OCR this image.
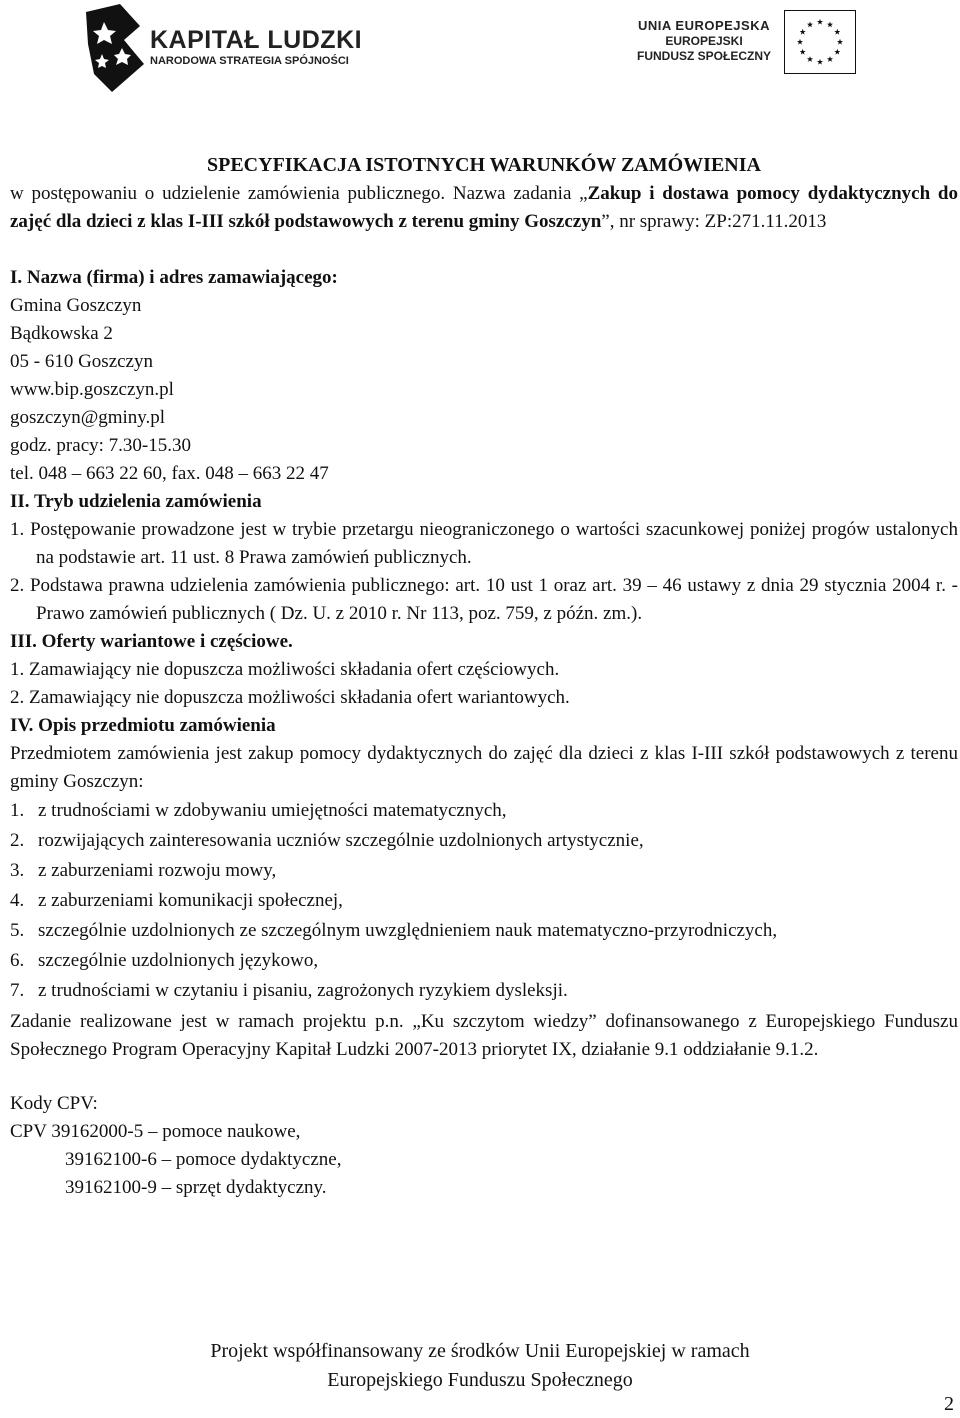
KAPITAŁ LUDZKI
NARODOWA STRATEGIA SPÓJNOŚCI
UNIA EUROPEJSKA
EUROPEJSKI
FUNDUSZ SPOŁECZNY
SPECYFIKACJA ISTOTNYCH WARUNKÓW ZAMÓWIENIA

w postępowaniu o udzielenie zamówienia publicznego. Nazwa zadania „Zakup i dostawa pomocy dydaktycznych do zajęć dla dzieci z klas I-III szkół podstawowych z terenu gminy Goszczyn”, nr sprawy: ZP:271.11.2013

I. Nazwa (firma) i adres zamawiającego:

Gmina Goszczyn

Bądkowska 2

05 - 610 Goszczyn

www.bip.goszczyn.pl

goszczyn@gminy.pl

godz. pracy: 7.30-15.30

tel. 048 – 663 22 60, fax. 048 – 663 22 47

II. Tryb udzielenia zamówienia

1. Postępowanie prowadzone jest w trybie przetargu nieograniczonego o wartości szacunkowej poniżej progów ustalonych na podstawie art. 11 ust. 8 Prawa zamówień publicznych.

2. Podstawa prawna udzielenia zamówienia publicznego: art. 10 ust 1 oraz art. 39 – 46 ustawy z dnia 29 stycznia 2004 r. - Prawo zamówień publicznych ( Dz. U. z 2010 r. Nr 113, poz. 759, z późn. zm.).

III. Oferty wariantowe i częściowe.

1. Zamawiający nie dopuszcza możliwości składania ofert częściowych.

2. Zamawiający nie dopuszcza możliwości składania ofert wariantowych.

IV. Opis przedmiotu zamówienia

Przedmiotem zamówienia jest zakup pomocy dydaktycznych do zajęć dla dzieci z klas I-III szkół podstawowych z terenu gminy Goszczyn:

1. z trudnościami w zdobywaniu umiejętności matematycznych,
2. rozwijających zainteresowania uczniów szczególnie uzdolnionych artystycznie,
3. z zaburzeniami rozwoju mowy,
4. z zaburzeniami komunikacji społecznej,
5. szczególnie uzdolnionych ze szczególnym uwzględnieniem nauk matematyczno-przyrodniczych,
6. szczególnie uzdolnionych językowo,
7. z trudnościami w czytaniu i pisaniu, zagrożonych ryzykiem dysleksji.

Zadanie realizowane jest w ramach projektu p.n. „Ku szczytom wiedzy” dofinansowanego z Europejskiego Funduszu Społecznego Program Operacyjny Kapitał Ludzki 2007-2013 priorytet IX, działanie 9.1 oddziałanie 9.1.2.

Kody CPV:

CPV 39162000-5 – pomoce naukowe,

39162100-6 – pomoce dydaktyczne,

39162100-9 – sprzęt dydaktyczny.

Projekt współfinansowany ze środków Unii Europejskiej w ramach
Europejskiego Funduszu Społecznego
2
